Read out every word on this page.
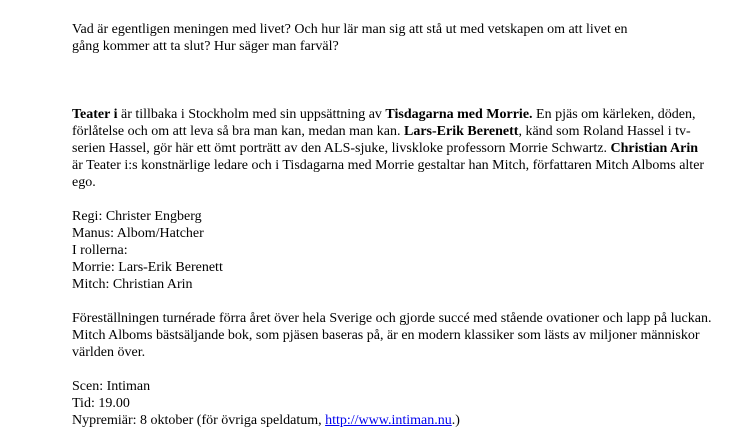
Vad är egentligen meningen med livet? Och hur lär man sig att stå ut med vetskapen om att livet en
gång kommer att ta slut? Hur säger man farväl?

Teater i är tillbaka i Stockholm med sin uppsättning av Tisdagarna med Morrie. En pjäs om kärleken, döden, förlåtelse och om att leva så bra man kan, medan man kan. Lars-Erik Berenett, känd som Roland Hassel i tv-serien Hassel, gör här ett ömt porträtt av den ALS-sjuke, livskloke professorn Morrie Schwartz. Christian Arin är Teater i:s konstnärlige ledare och i Tisdagarna med Morrie gestaltar han Mitch, författaren Mitch Alboms alter ego.

Regi: Christer Engberg
Manus: Albom/Hatcher
I rollerna:
Morrie: Lars-Erik Berenett
Mitch: Christian Arin

Föreställningen turnérade förra året över hela Sverige och gjorde succé med stående ovationer och lapp på luckan. Mitch Alboms bästsäljande bok, som pjäsen baseras på, är en modern klassiker som lästs av miljoner människor världen över.

Scen: Intiman
Tid: 19.00
Nypremiär: 8 oktober (för övriga speldatum, http://www.intiman.nu.)
